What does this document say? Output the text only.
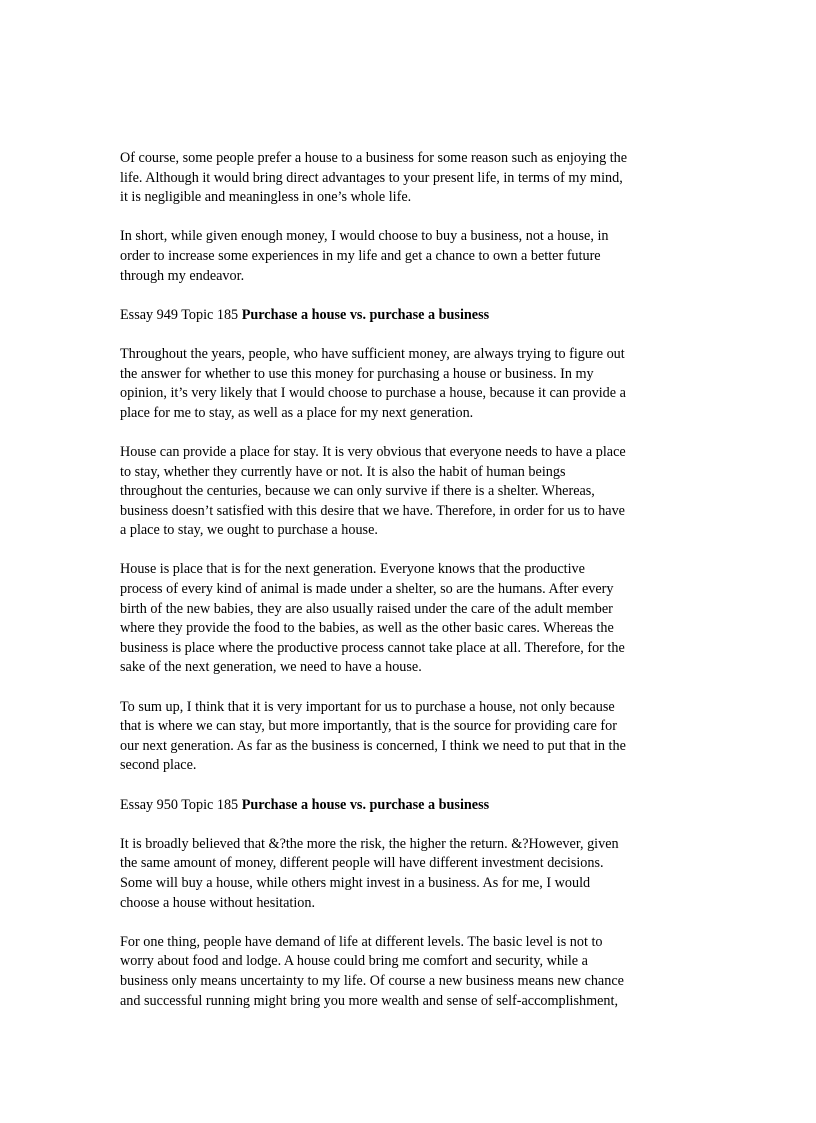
Of course, some people prefer a house to a business for some reason such as enjoying the
life. Although it would bring direct advantages to your present life, in terms of my mind,
it is negligible and meaningless in one’s whole life.
In short, while given enough money, I would choose to buy a business, not a house, in
order to increase some experiences in my life and get a chance to own a better future
through my endeavor.
Essay 949 Topic 185 Purchase a house vs. purchase a business
Throughout the years, people, who have sufficient money, are always trying to figure out
the answer for whether to use this money for purchasing a house or business. In my
opinion, it’s very likely that I would choose to purchase a house, because it can provide a
place for me to stay, as well as a place for my next generation.
House can provide a place for stay. It is very obvious that everyone needs to have a place
to stay, whether they currently have or not. It is also the habit of human beings
throughout the centuries, because we can only survive if there is a shelter. Whereas,
business doesn’t satisfied with this desire that we have. Therefore, in order for us to have
a place to stay, we ought to purchase a house.
House is place that is for the next generation. Everyone knows that the productive
process of every kind of animal is made under a shelter, so are the humans. After every
birth of the new babies, they are also usually raised under the care of the adult member
where they provide the food to the babies, as well as the other basic cares. Whereas the
business is place where the productive process cannot take place at all. Therefore, for the
sake of the next generation, we need to have a house.
To sum up, I think that it is very important for us to purchase a house, not only because
that is where we can stay, but more importantly, that is the source for providing care for
our next generation. As far as the business is concerned, I think we need to put that in the
second place.
Essay 950 Topic 185 Purchase a house vs. purchase a business
It is broadly believed that &?the more the risk, the higher the return. &?However, given
the same amount of money, different people will have different investment decisions.
Some will buy a house, while others might invest in a business. As for me, I would
choose a house without hesitation.
For one thing, people have demand of life at different levels. The basic level is not to
worry about food and lodge. A house could bring me comfort and security, while a
business only means uncertainty to my life. Of course a new business means new chance
and successful running might bring you more wealth and sense of self-accomplishment,
